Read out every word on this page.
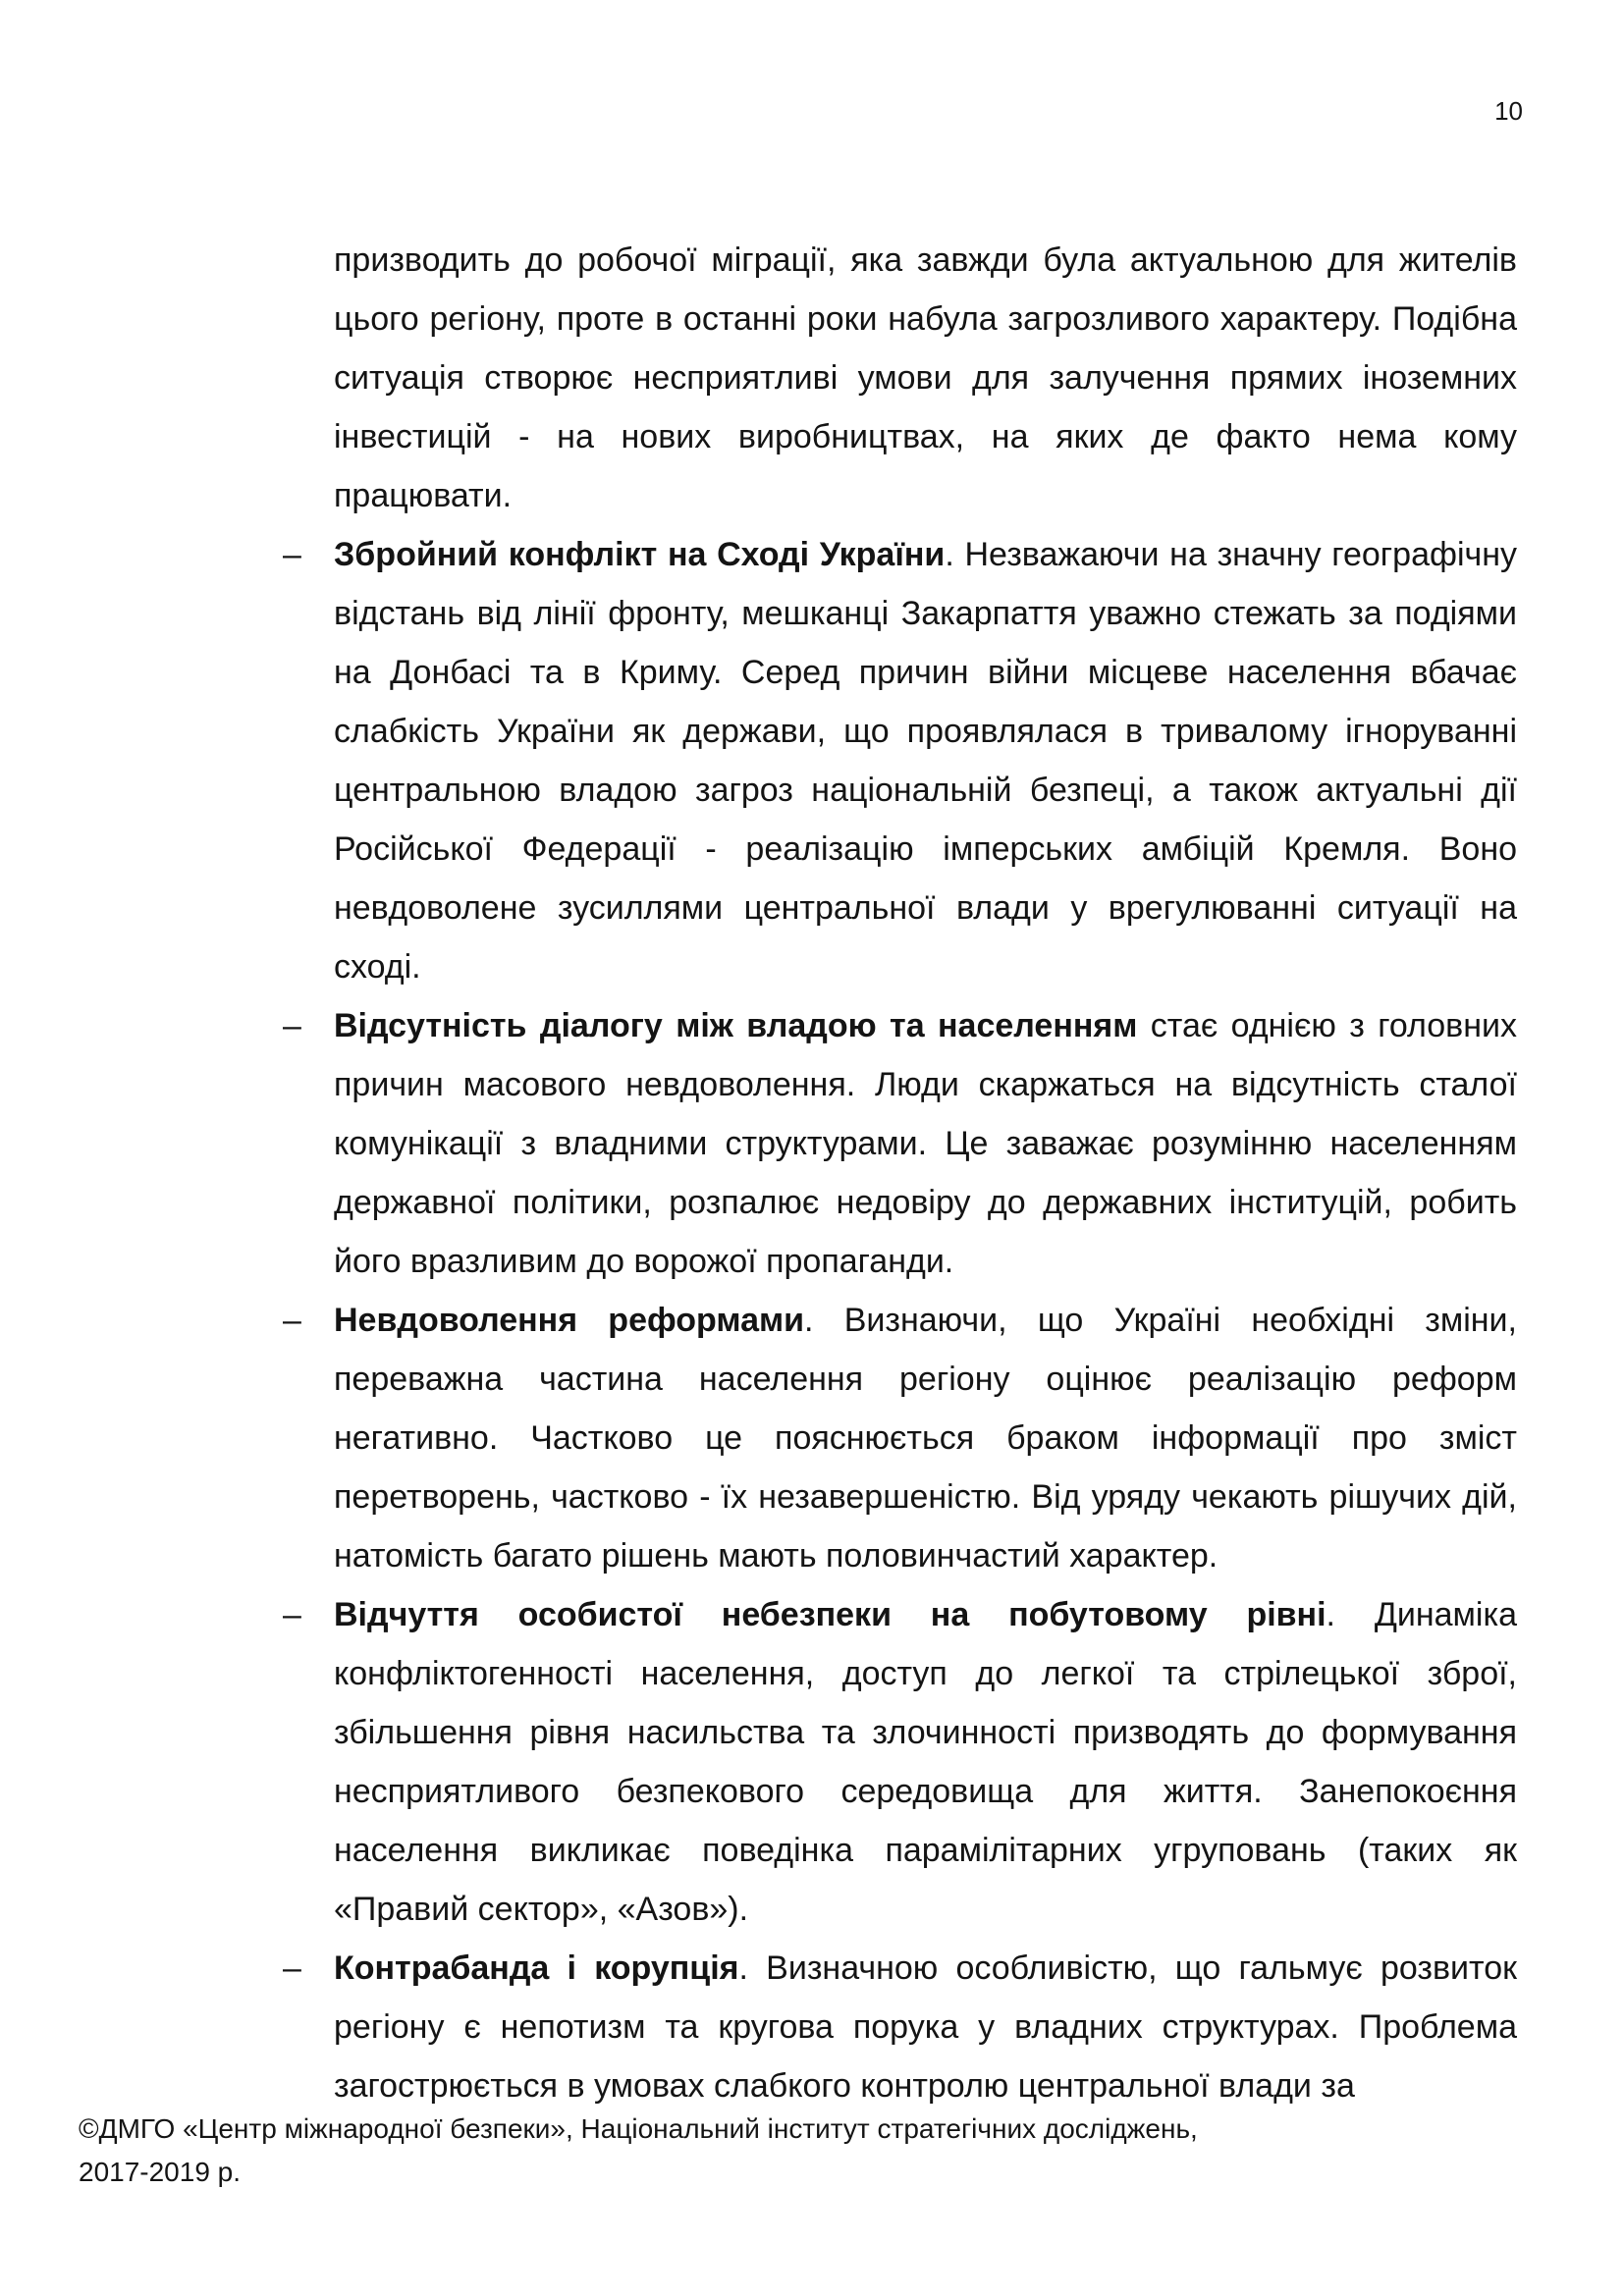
10

призводить до робочої міграції, яка завжди була актуальною для жителів цього регіону, проте в останні роки набула загрозливого характеру. Подібна ситуація створює несприятливі умови для залучення прямих іноземних інвестицій - на нових виробництвах, на яких де факто нема кому працювати.

– Збройний конфлікт на Сході України. Незважаючи на значну географічну відстань від лінії фронту, мешканці Закарпаття уважно стежать за подіями на Донбасі та в Криму. Серед причин війни місцеве населення вбачає слабкість України як держави, що проявлялася в тривалому ігноруванні центральною владою загроз національній безпеці, а також актуальні дії Російської Федерації - реалізацію імперських амбіцій Кремля. Воно невдоволене зусиллями центральної влади у врегулюванні ситуації на сході.

– Відсутність діалогу між владою та населенням стає однією з головних причин масового невдоволення. Люди скаржаться на відсутність сталої комунікації з владними структурами. Це заважає розумінню населенням державної політики, розпалює недовіру до державних інституцій, робить його вразливим до ворожої пропаганди.

– Невдоволення реформами. Визнаючи, що Україні необхідні зміни, переважна частина населення регіону оцінює реалізацію реформ негативно. Частково це пояснюється браком інформації про зміст перетворень, частково - їх незавершеністю. Від уряду чекають рішучих дій, натомість багато рішень мають половинчастий характер.

– Відчуття особистої небезпеки на побутовому рівні. Динаміка конфліктогенності населення, доступ до легкої та стрілецької зброї, збільшення рівня насильства та злочинності призводять до формування несприятливого безпекового середовища для життя. Занепокоєння населення викликає поведінка парамілітарних угруповань (таких як «Правий сектор», «Азов»).

– Контрабанда і корупція. Визначною особливістю, що гальмує розвиток регіону є непотизм та кругова порука у владних структурах. Проблема загострюється в умовах слабкого контролю центральної влади за

©ДМГО «Центр міжнародної безпеки», Національний інститут стратегічних досліджень,
2017-2019 р.
